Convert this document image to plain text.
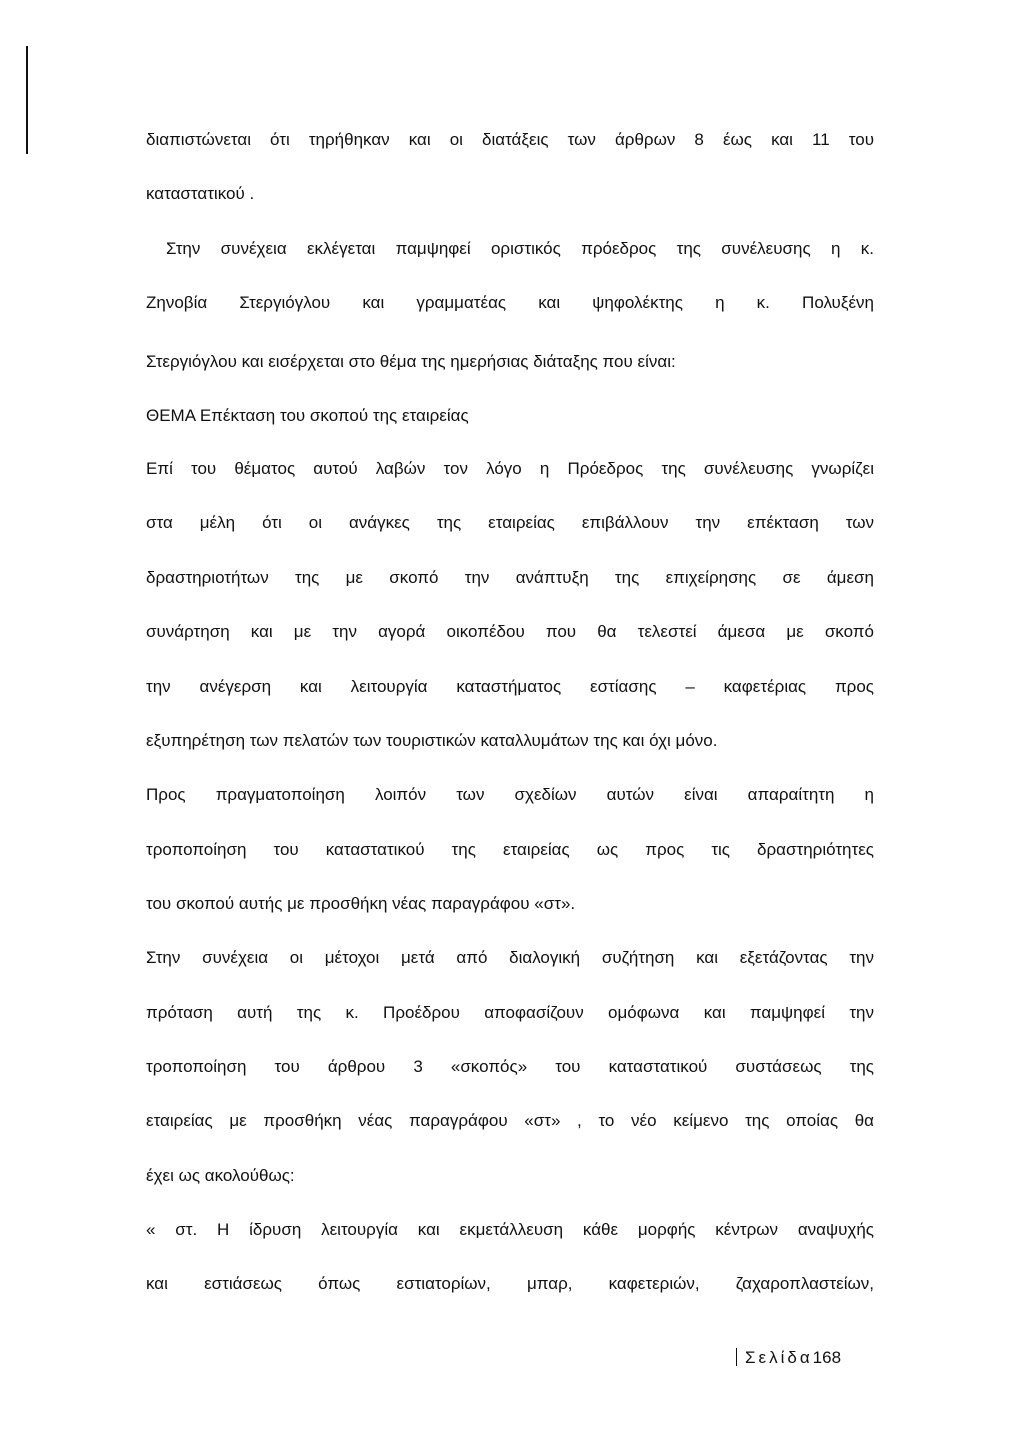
διαπιστώνεται ότι τηρήθηκαν και οι διατάξεις των άρθρων 8 έως και 11 του
καταστατικού .
Στην συνέχεια εκλέγεται παμψηφεί οριστικός πρόεδρος της συνέλευσης η κ.
Ζηνοβία Στεργιόγλου και γραμματέας και ψηφολέκτης η κ. Πολυξένη
Στεργιόγλου και εισέρχεται στο θέμα της ημερήσιας διάταξης που είναι:
ΘΕΜΑ Επέκταση του σκοπού της εταιρείας
Επί του θέματος αυτού λαβών τον λόγο η Πρόεδρος της συνέλευσης γνωρίζει
στα μέλη ότι οι ανάγκες της εταιρείας επιβάλλουν την επέκταση των
δραστηριοτήτων της με σκοπό την ανάπτυξη της επιχείρησης σε άμεση
συνάρτηση και με την αγορά οικοπέδου που θα τελεστεί άμεσα με σκοπό
την ανέγερση και λειτουργία καταστήματος εστίασης – καφετέριας προς
εξυπηρέτηση των πελατών των τουριστικών καταλλυμάτων της και όχι μόνο.
Προς πραγματοποίηση λοιπόν των σχεδίων αυτών είναι απαραίτητη η
τροποποίηση του καταστατικού της εταιρείας ως προς τις δραστηριότητες
του σκοπού αυτής με προσθήκη νέας παραγράφου «στ».
Στην συνέχεια οι μέτοχοι μετά από διαλογική συζήτηση και εξετάζοντας την
πρόταση αυτή της κ. Προέδρου αποφασίζουν ομόφωνα και παμψηφεί την
τροποποίηση του άρθρου 3 «σκοπός» του καταστατικού συστάσεως της
εταιρείας με προσθήκη νέας παραγράφου «στ» , το νέο κείμενο της οποίας θα
έχει ως ακολούθως:
« στ. Η ίδρυση λειτουργία και εκμετάλλευση κάθε μορφής κέντρων αναψυχής
και εστιάσεως όπως εστιατορίων, μπαρ, καφετεριών, ζαχαροπλαστείων,
Σελίδα168
